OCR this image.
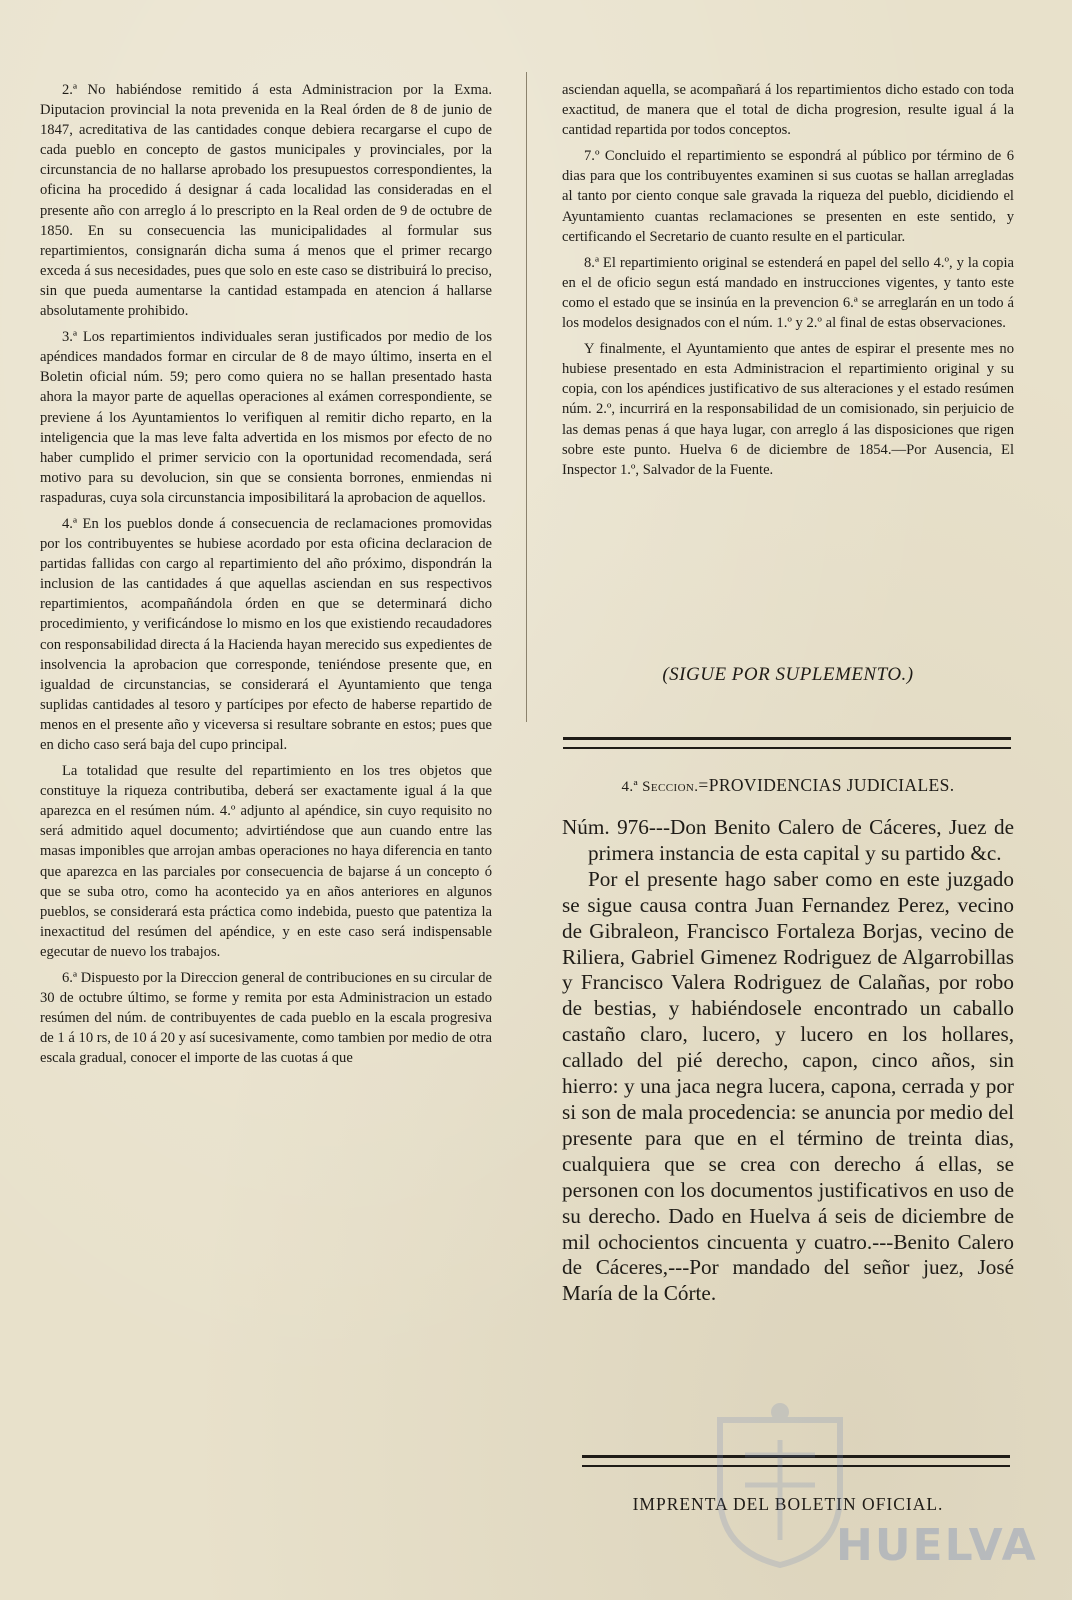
2.ª No habiéndose remitido á esta Administracion por la Exma. Diputacion provincial la nota prevenida en la Real órden de 8 de junio de 1847, acreditativa de las cantidades conque debiera recargarse el cupo de cada pueblo en concepto de gastos municipales y provinciales, por la circunstancia de no hallarse aprobado los presupuestos correspondientes, la oficina ha procedido á designar á cada localidad las consideradas en el presente año con arreglo á lo prescripto en la Real orden de 9 de octubre de 1850. En su consecuencia las municipalidades al formular sus repartimientos, consignarán dicha suma á menos que el primer recargo exceda á sus necesidades, pues que solo en este caso se distribuirá lo preciso, sin que pueda aumentarse la cantidad estampada en atencion á hallarse absolutamente prohibido.

3.ª Los repartimientos individuales seran justificados por medio de los apéndices mandados formar en circular de 8 de mayo último, inserta en el Boletin oficial núm. 59; pero como quiera no se hallan presentado hasta ahora la mayor parte de aquellas operaciones al exámen correspondiente, se previene á los Ayuntamientos lo verifiquen al remitir dicho reparto, en la inteligencia que la mas leve falta advertida en los mismos por efecto de no haber cumplido el primer servicio con la oportunidad recomendada, será motivo para su devolucion, sin que se consienta borrones, enmiendas ni raspaduras, cuya sola circunstancia imposibilitará la aprobacion de aquellos.

4.ª En los pueblos donde á consecuencia de reclamaciones promovidas por los contribuyentes se hubiese acordado por esta oficina declaracion de partidas fallidas con cargo al repartimiento del año próximo, dispondrán la inclusion de las cantidades á que aquellas asciendan en sus respectivos repartimientos, acompañándola órden en que se determinará dicho procedimiento, y verificándose lo mismo en los que existiendo recaudadores con responsabilidad directa á la Hacienda hayan merecido sus expedientes de insolvencia la aprobacion que corresponde, teniéndose presente que, en igualdad de circunstancias, se considerará el Ayuntamiento que tenga suplidas cantidades al tesoro y partícipes por efecto de haberse repartido de menos en el presente año y viceversa si resultare sobrante en estos; pues que en dicho caso será baja del cupo principal.

La totalidad que resulte del repartimiento en los tres objetos que constituye la riqueza contributiba, deberá ser exactamente igual á la que aparezca en el resúmen núm. 4.º adjunto al apéndice, sin cuyo requisito no será admitido aquel documento; advirtiéndose que aun cuando entre las masas imponibles que arrojan ambas operaciones no haya diferencia en tanto que aparezca en las parciales por consecuencia de bajarse á un concepto ó que se suba otro, como ha acontecido ya en años anteriores en algunos pueblos, se considerará esta práctica como indebida, puesto que patentiza la inexactitud del resúmen del apéndice, y en este caso será indispensable egecutar de nuevo los trabajos.

6.ª Dispuesto por la Direccion general de contribuciones en su circular de 30 de octubre último, se forme y remita por esta Administracion un estado resúmen del núm. de contribuyentes de cada pueblo en la escala progresiva de 1 á 10 rs, de 10 á 20 y así sucesivamente, como tambien por medio de otra escala gradual, conocer el importe de las cuotas á que

asciendan aquella, se acompañará á los repartimientos dicho estado con toda exactitud, de manera que el total de dicha progresion, resulte igual á la cantidad repartida por todos conceptos.

7.º Concluido el repartimiento se espondrá al público por término de 6 dias para que los contribuyentes examinen si sus cuotas se hallan arregladas al tanto por ciento conque sale gravada la riqueza del pueblo, dicidiendo el Ayuntamiento cuantas reclamaciones se presenten en este sentido, y certificando el Secretario de cuanto resulte en el particular.

8.ª El repartimiento original se estenderá en papel del sello 4.º, y la copia en el de oficio segun está mandado en instrucciones vigentes, y tanto este como el estado que se insinúa en la prevencion 6.ª se arreglarán en un todo á los modelos designados con el núm. 1.º y 2.º al final de estas observaciones.

Y finalmente, el Ayuntamiento que antes de espirar el presente mes no hubiese presentado en esta Administracion el repartimiento original y su copia, con los apéndices justificativo de sus alteraciones y el estado resúmen núm. 2.º, incurrirá en la responsabilidad de un comisionado, sin perjuicio de las demas penas á que haya lugar, con arreglo á las disposiciones que rigen sobre este punto. Huelva 6 de diciembre de 1854.—Por Ausencia, El Inspector 1.º, Salvador de la Fuente.

(SIGUE POR SUPLEMENTO.)
4.ª Seccion.=PROVIDENCIAS JUDICIALES.

Núm. 976---Don Benito Calero de Cáceres, Juez de primera instancia de esta capital y su partido &c.

Por el presente hago saber como en este juzgado se sigue causa contra Juan Fernandez Perez, vecino de Gibraleon, Francisco Fortaleza Borjas, vecino de Riliera, Gabriel Gimenez Rodriguez de Algarrobillas y Francisco Valera Rodriguez de Calañas, por robo de bestias, y habiéndosele encontrado un caballo castaño claro, lucero, y lucero en los hollares, callado del pié derecho, capon, cinco años, sin hierro: y una jaca negra lucera, capona, cerrada y por si son de mala procedencia: se anuncia por medio del presente para que en el término de treinta dias, cualquiera que se crea con derecho á ellas, se personen con los documentos justificativos en uso de su derecho. Dado en Huelva á seis de diciembre de mil ochocientos cincuenta y cuatro.---Benito Calero de Cáceres,---Por mandado del señor juez, José María de la Córte.

IMPRENTA DEL BOLETIN OFICIAL.
HUELVA
